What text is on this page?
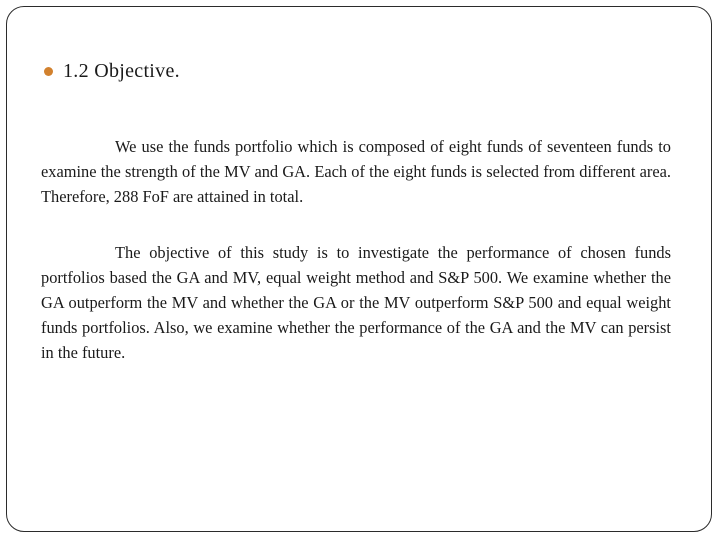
1.2 Objective.

We use the funds portfolio which is composed of eight funds of seventeen funds to examine the strength of the MV and GA. Each of the eight funds is selected from different area. Therefore, 288 FoF are attained in total.

The objective of this study is to investigate the performance of chosen funds portfolios based the GA and MV, equal weight method and S&P 500. We examine whether the GA outperform the MV and whether the GA or the MV outperform S&P 500 and equal weight funds portfolios. Also, we examine whether the performance of the GA and the MV can persist in the future.
